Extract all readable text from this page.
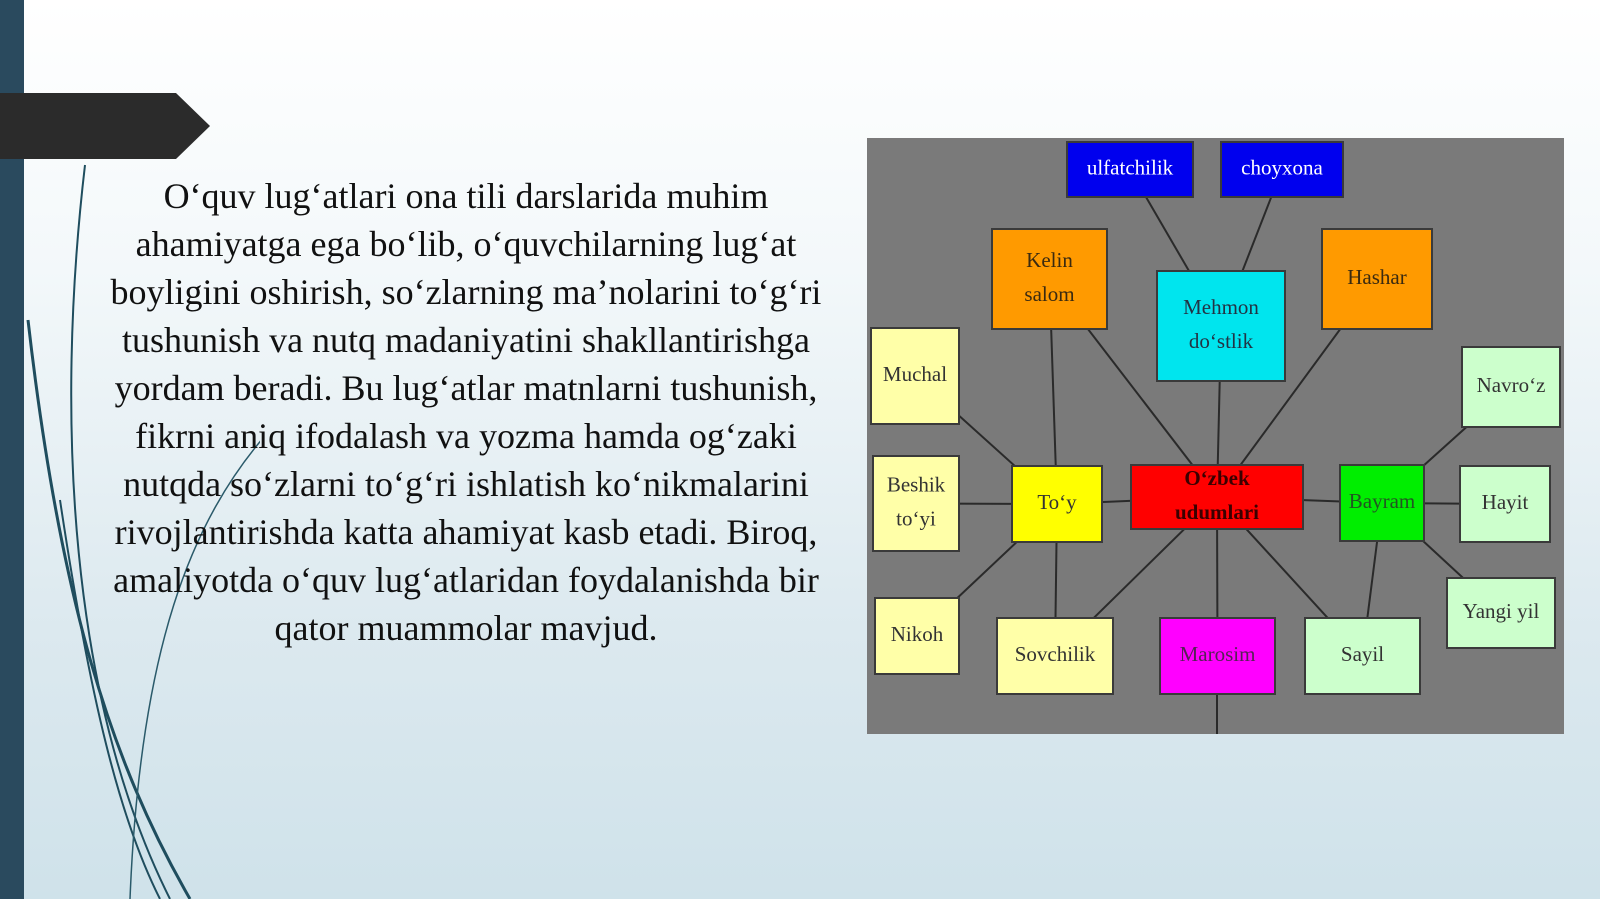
O‘quv lug‘atlari ona tili darslarida muhim ahamiyatga ega bo‘lib, o‘quvchilarning lug‘at boyligini oshirish, so‘zlarning ma’nolarini to‘g‘ri tushunish va nutq madaniyatini shakllantirishga yordam beradi. Bu lug‘atlar matnlarni tushunish, fikrni aniq ifodalash va yozma hamda og‘zaki nutqda so‘zlarni to‘g‘ri ishlatish ko‘nikmalarini rivojlantirishda katta ahamiyat kasb etadi. Biroq, amaliyotda o‘quv lug‘atlaridan foydalanishda bir qator muammolar mavjud.
O‘zbek
udumlari
ulfatchilik	choyxona
Kelin
salom
Hashar
Mehmon
do‘stlik
Muchal	Navro‘z
Beshik
to‘yi
To‘y	Bayram	Hayit
Nikoh
Sovchilik	Marosim	Sayil
Yangi yil
